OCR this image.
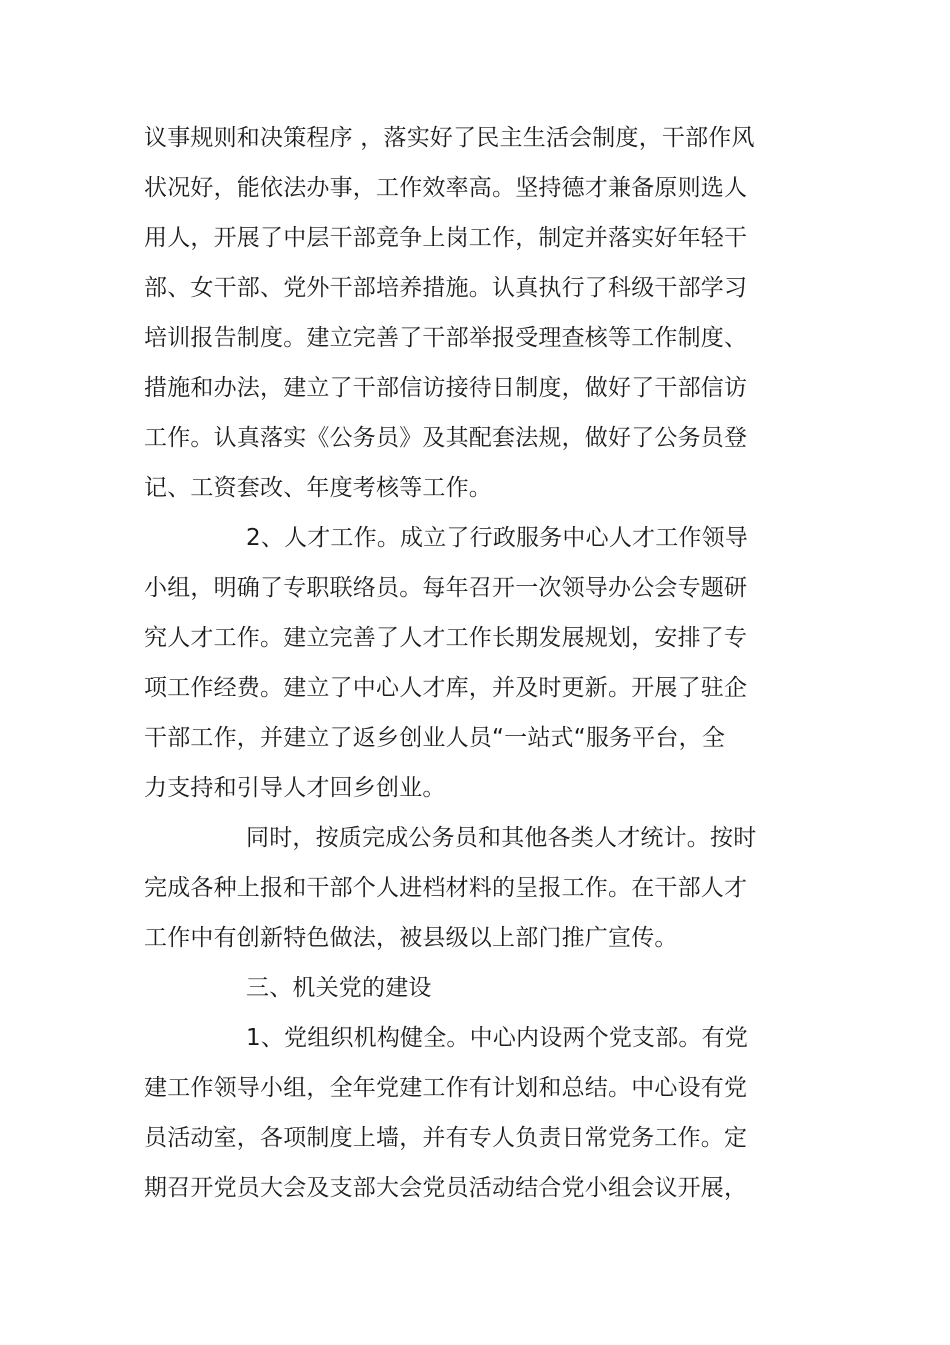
议事规则和决策程序 ，落实好了民主生活会制度，干部作风
状况好，能依法办事，工作效率高。坚持德才兼备原则选人
用人，开展了中层干部竞争上岗工作，制定并落实好年轻干
部、女干部、党外干部培养措施。认真执行了科级干部学习
培训报告制度。建立完善了干部举报受理查核等工作制度、
措施和办法，建立了干部信访接待日制度，做好了干部信访
工作。认真落实《公务员》及其配套法规，做好了公务员登
记、工资套改、年度考核等工作。
2、人才工作。成立了行政服务中心人才工作领导
小组，明确了专职联络员。每年召开一次领导办公会专题研
究人才工作。建立完善了人才工作长期发展规划，安排了专
项工作经费。建立了中心人才库，并及时更新。开展了驻企
干部工作，并建立了返乡创业人员“一站式“服务平台，全
力支持和引导人才回乡创业。
同时，按质完成公务员和其他各类人才统计。按时
完成各种上报和干部个人进档材料的呈报工作。在干部人才
工作中有创新特色做法，被县级以上部门推广宣传。
三、机关党的建设
1、党组织机构健全。中心内设两个党支部。有党
建工作领导小组，全年党建工作有计划和总结。中心设有党
员活动室，各项制度上墙，并有专人负责日常党务工作。定
期召开党员大会及支部大会党员活动结合党小组会议开展，
